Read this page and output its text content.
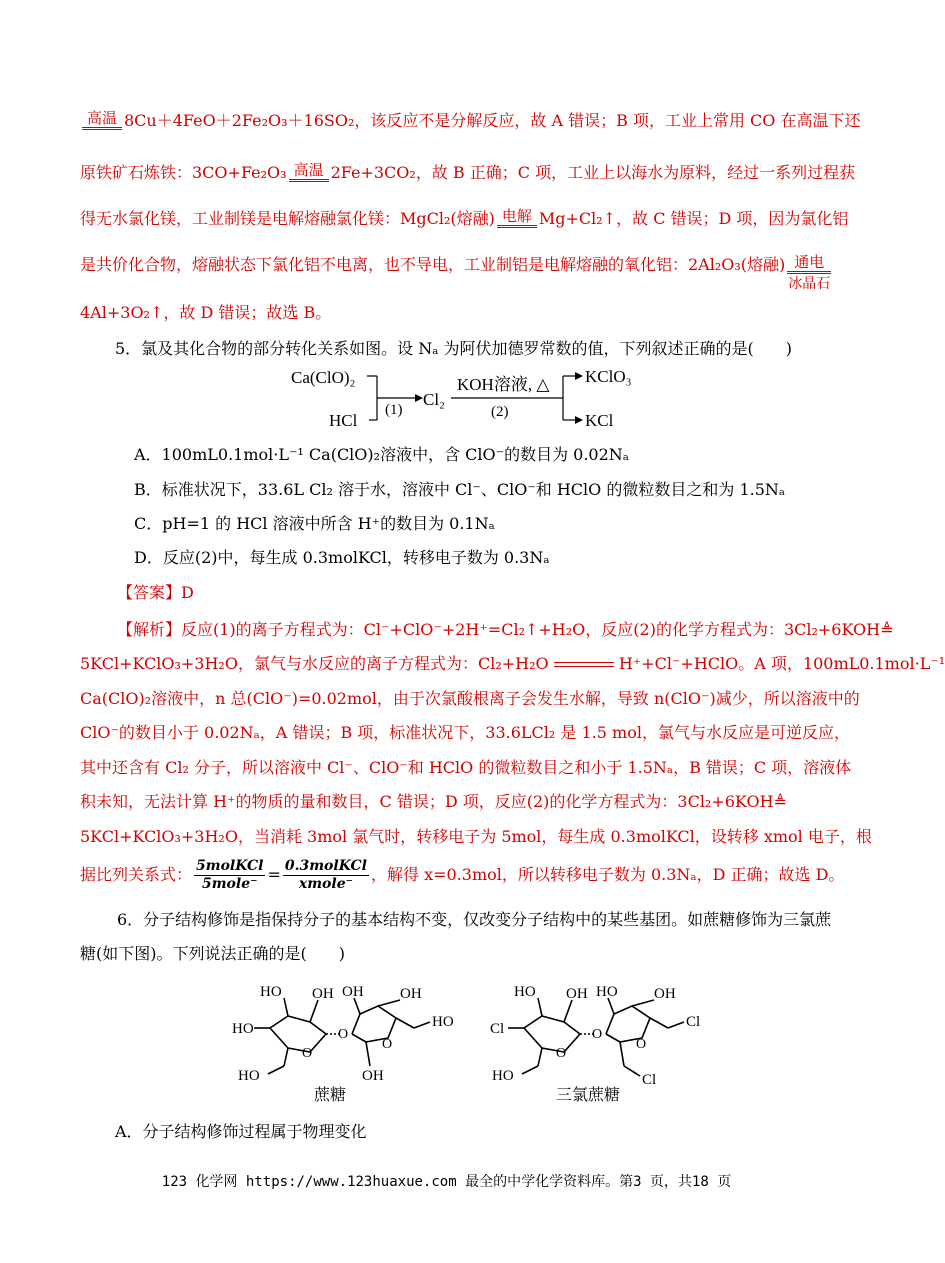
高温 8Cu＋4FeO＋2Fe₂O₃＋16SO₂，该反应不是分解反应，故 A 错误；B 项，工业上常用 CO 在高温下还
原铁矿石炼铁：3CO+Fe₂O₃ 高温 2Fe+3CO₂，故 B 正确；C 项，工业上以海水为原料，经过一系列过程获
得无水氯化镁，工业制镁是电解熔融氯化镁：MgCl₂(熔融) 电解 Mg+Cl₂↑，故 C 错误；D 项，因为氯化铝
是共价化合物，熔融状态下氯化铝不电离，也不导电，工业制铝是电解熔融的氧化铝：2Al₂O₃(熔融) 通电
冰晶石
4Al+3O₂↑，故 D 错误；故选 B。
5．氯及其化合物的部分转化关系如图。设 Nₐ 为阿伏加德罗常数的值，下列叙述正确的是(　　)
Ca(ClO)₂
HCl
(1)
Cl₂
KOH溶液, △
(2)
KClO₃
KCl
A．100mL0.1mol·L⁻¹ Ca(ClO)₂溶液中，含 ClO⁻的数目为 0.02Nₐ
B．标准状况下，33.6L Cl₂ 溶于水，溶液中 Cl⁻、ClO⁻和 HClO 的微粒数目之和为 1.5Nₐ
C．pH=1 的 HCl 溶液中所含 H⁺的数目为 0.1Nₐ
D．反应(2)中，每生成 0.3molKCl，转移电子数为 0.3Nₐ
【答案】D
【解析】反应(1)的离子方程式为：Cl⁻+ClO⁻+2H⁺=Cl₂↑+H₂O，反应(2)的化学方程式为：3Cl₂+6KOH≜
5KCl+KClO₃+3H₂O，氯气与水反应的离子方程式为：Cl₂+H₂O	H⁺+Cl⁻+HClO。A 项，100mL0.1mol·L⁻¹
Ca(ClO)₂溶液中，n 总(ClO⁻)=0.02mol，由于次氯酸根离子会发生水解，导致 n(ClO⁻)减少，所以溶液中的
ClO⁻的数目小于 0.02Nₐ，A 错误；B 项，标准状况下，33.6LCl₂ 是 1.5 mol，氯气与水反应是可逆反应，
其中还含有 Cl₂ 分子，所以溶液中 Cl⁻、ClO⁻和 HClO 的微粒数目之和小于 1.5Nₐ，B 错误；C 项，溶液体
积未知，无法计算 H⁺的物质的量和数目，C 错误；D 项，反应(2)的化学方程式为：3Cl₂+6KOH≜
5KCl+KClO₃+3H₂O，当消耗 3mol 氯气时，转移电子为 5mol，每生成 0.3molKCl，设转移 xmol 电子，根
据比列关系式： $\frac{\text{5molKCl}}{\text{5mole⁻}} = \frac{\text{0.3molKCl}}{\text{xmole⁻}}$ ，解得 x=0.3mol，所以转移电子数为 0.3Nₐ，D 正确；故选 D。
6．分子结构修饰是指保持分子的基本结构不变，仅改变分子结构中的某些基团。如蔗糖修饰为三氯蔗
糖(如下图)。下列说法正确的是(　　)
HO OH
HO
O
HO
O
OH OH
O
HO
OH
蔗糖
HO OH
Cl
O
HO
O
HO OH
O
Cl
Cl
三氯蔗糖
A．分子结构修饰过程属于物理变化
123 化学网 https://www.123huaxue.com 最全的中学化学资料库。第3 页，共18 页
